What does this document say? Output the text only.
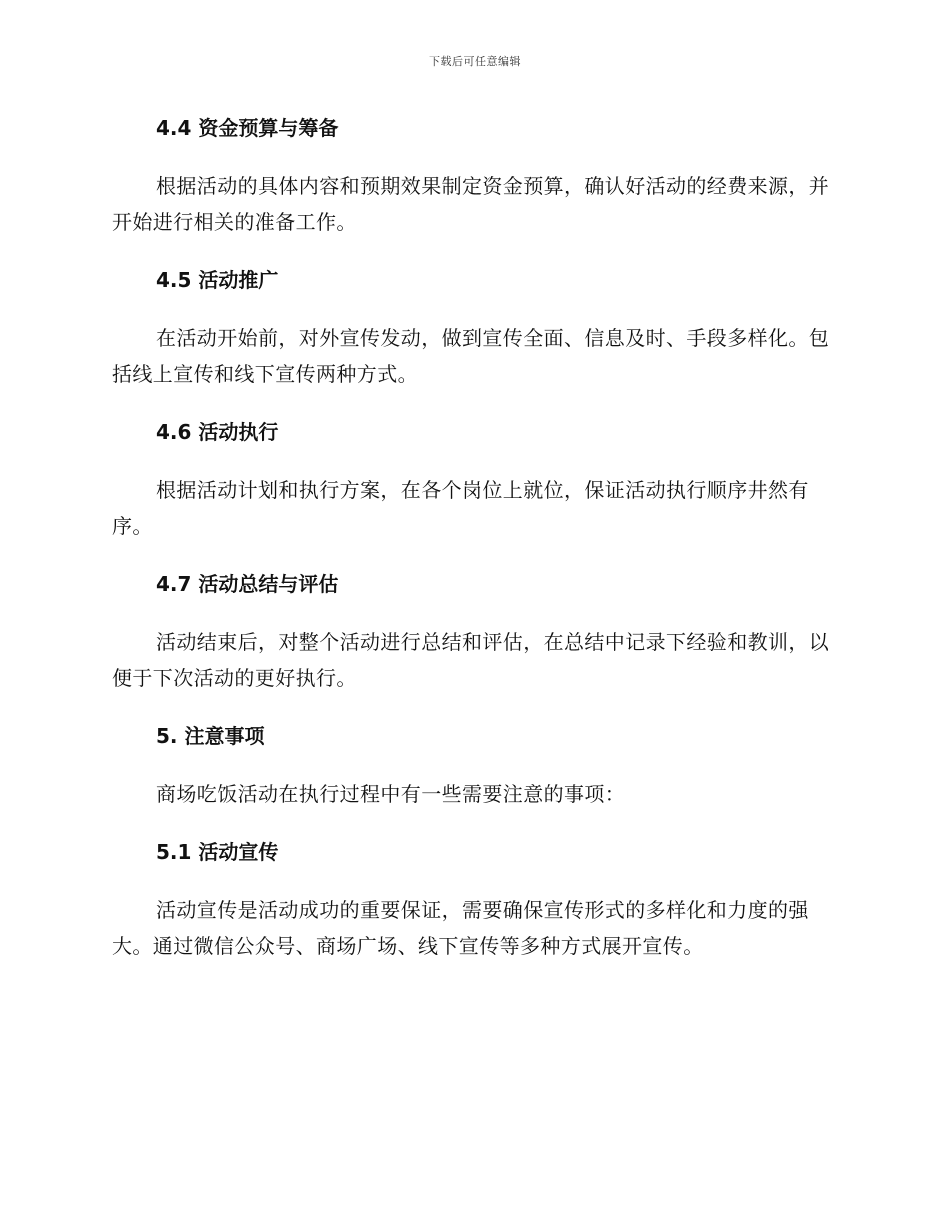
下载后可任意编辑

4.4 资金预算与筹备

根据活动的具体内容和预期效果制定资金预算，确认好活动的经费来源，并开始进行相关的准备工作。

4.5 活动推广

在活动开始前，对外宣传发动，做到宣传全面、信息及时、手段多样化。包括线上宣传和线下宣传两种方式。

4.6 活动执行

根据活动计划和执行方案，在各个岗位上就位，保证活动执行顺序井然有序。

4.7 活动总结与评估

活动结束后，对整个活动进行总结和评估，在总结中记录下经验和教训，以便于下次活动的更好执行。

5. 注意事项

商场吃饭活动在执行过程中有一些需要注意的事项：

5.1 活动宣传

活动宣传是活动成功的重要保证，需要确保宣传形式的多样化和力度的强大。通过微信公众号、商场广场、线下宣传等多种方式展开宣传。
